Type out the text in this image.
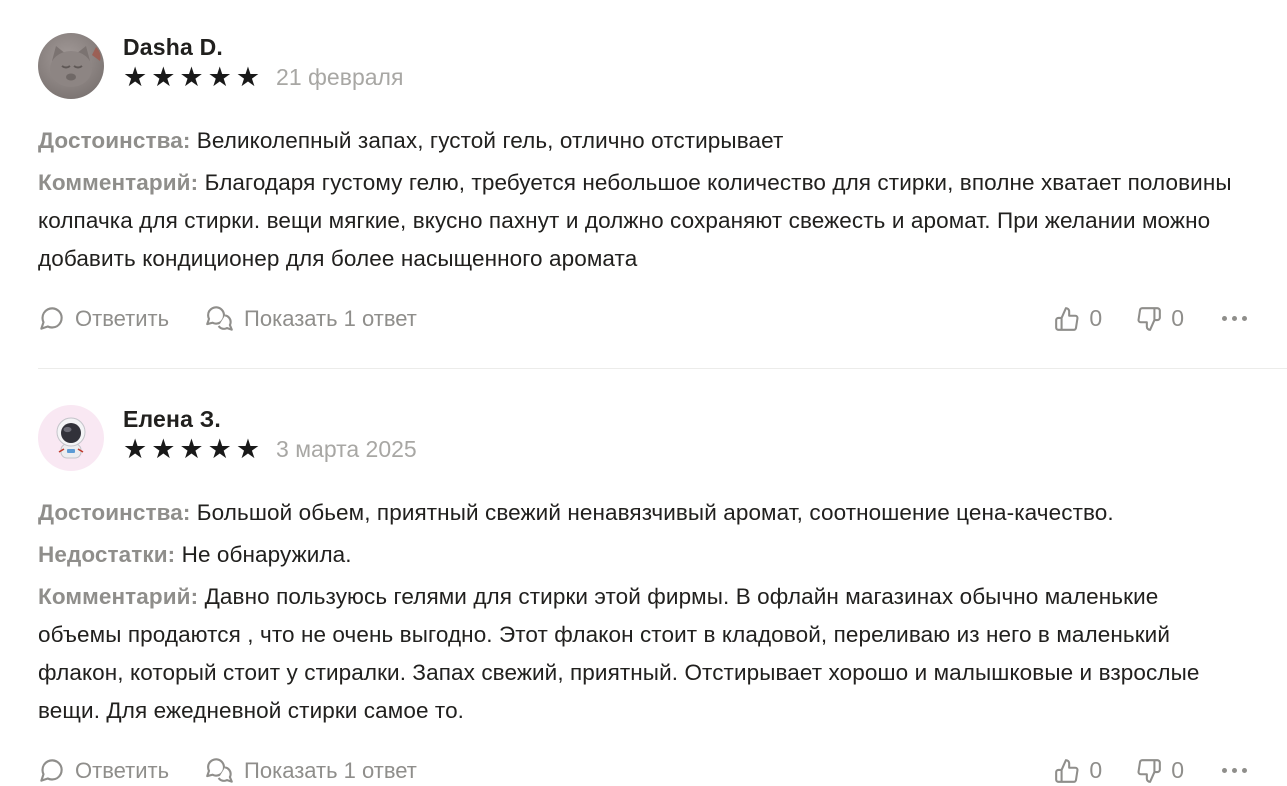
Dasha D.
★★★★★ 21 февраля

Достоинства: Великолепный запах, густой гель, отлично отстирывает

Комментарий: Благодаря густому гелю, требуется небольшое количество для стирки, вполне хватает половины колпачка для стирки. вещи мягкие, вкусно пахнут и должно сохраняют свежесть и аромат. При желании можно добавить кондиционер для более насыщенного аромата

Ответить	Показать 1 ответ	0	0
Елена З.
★★★★★ 3 марта 2025

Достоинства: Большой обьем, приятный свежий ненавязчивый аромат, соотношение цена-качество.

Недостатки: Не обнаружила.

Комментарий: Давно пользуюсь гелями для стирки этой фирмы. В офлайн магазинах обычно маленькие объемы продаются , что не очень выгодно. Этот флакон стоит в кладовой, переливаю из него в маленький флакон, который стоит у стиралки. Запах свежий, приятный. Отстирывает хорошо и малышковые и взрослые вещи. Для ежедневной стирки самое то.

Ответить	Показать 1 ответ	0	0
